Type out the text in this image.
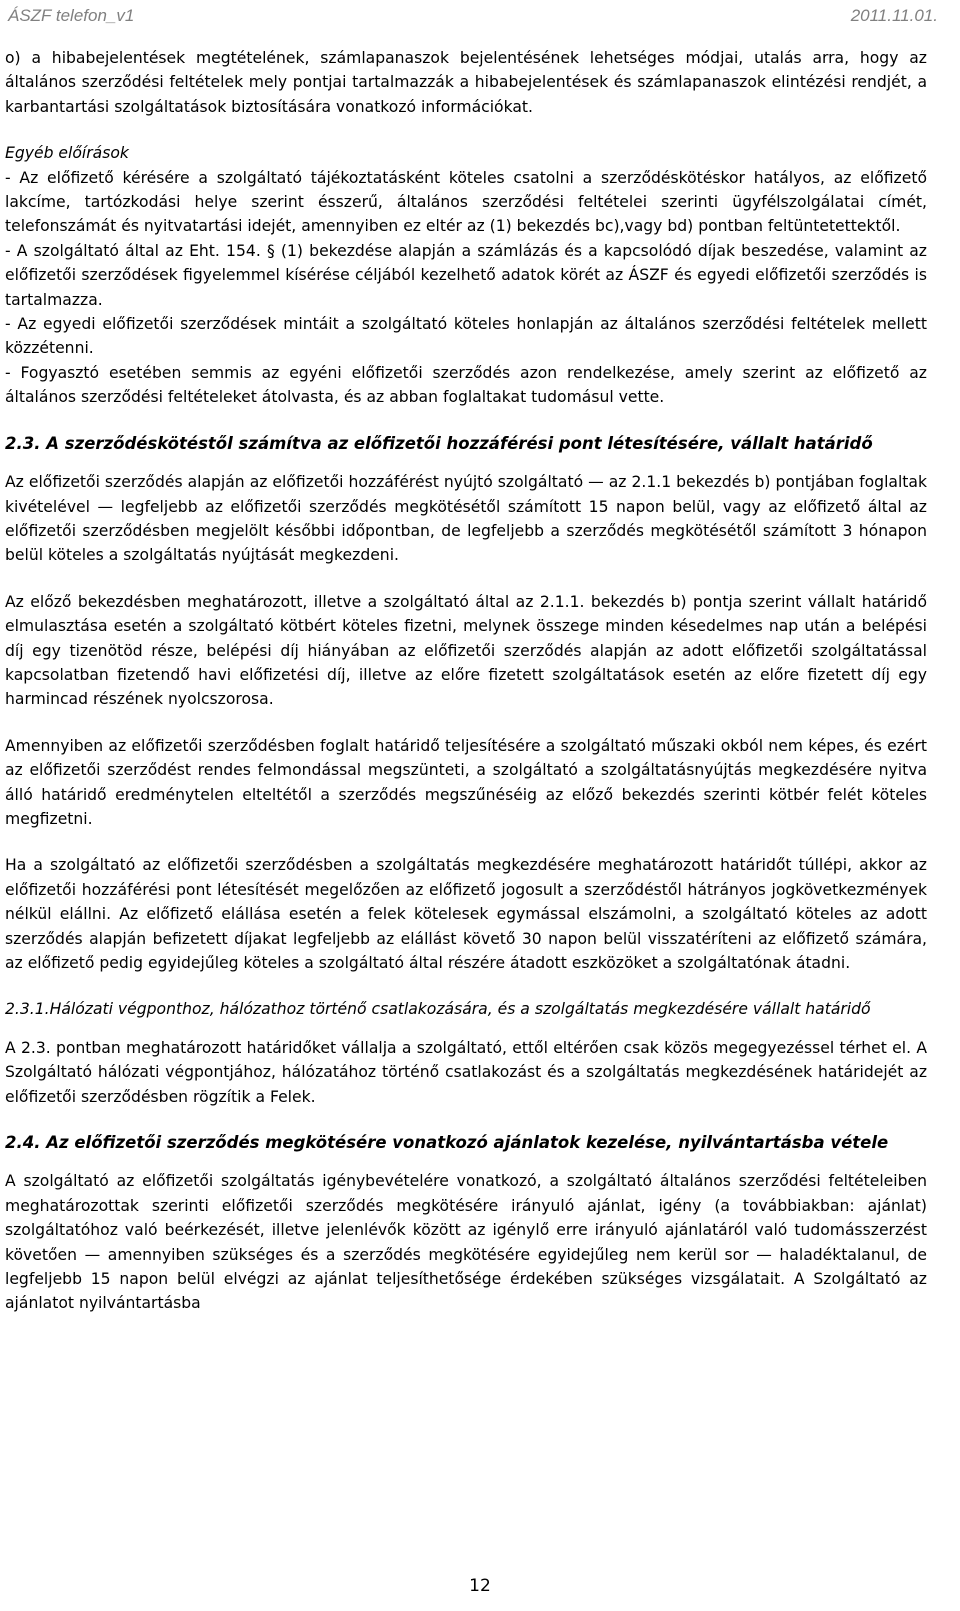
ÁSZF telefon_v1	2011.11.01.

o) a hibabejelentések megtételének, számlapanaszok bejelentésének lehetséges módjai, utalás arra, hogy az általános szerződési feltételek mely pontjai tartalmazzák a hibabejelentések és számlapanaszok elintézési rendjét, a karbantartási szolgáltatások biztosítására vonatkozó információkat.

Egyéb előírások

- Az előfizető kérésére a szolgáltató tájékoztatásként köteles csatolni a szerződéskötéskor hatályos, az előfizető lakcíme, tartózkodási helye szerint ésszerű, általános szerződési feltételei szerinti ügyfélszolgálatai címét, telefonszámát és nyitvatartási idejét, amennyiben ez eltér az (1) bekezdés bc),vagy bd) pontban feltüntetettektől.

- A szolgáltató által az Eht. 154. § (1) bekezdése alapján a számlázás és a kapcsolódó díjak beszedése, valamint az előfizetői szerződések figyelemmel kísérése céljából kezelhető adatok körét az ÁSZF és egyedi előfizetői szerződés is tartalmazza.

- Az egyedi előfizetői szerződések mintáit a szolgáltató köteles honlapján az általános szerződési feltételek mellett közzétenni.

- Fogyasztó esetében semmis az egyéni előfizetői szerződés azon rendelkezése, amely szerint az előfizető az általános szerződési feltételeket átolvasta, és az abban foglaltakat tudomásul vette.

2.3. A szerződéskötéstől számítva az előfizetői hozzáférési pont létesítésére, vállalt határidő

Az előfizetői szerződés alapján az előfizetői hozzáférést nyújtó szolgáltató — az 2.1.1 bekezdés b) pontjában foglaltak kivételével — legfeljebb az előfizetői szerződés megkötésétől számított 15 napon belül, vagy az előfizető által az előfizetői szerződésben megjelölt későbbi időpontban, de legfeljebb a szerződés megkötésétől számított 3 hónapon belül köteles a szolgáltatás nyújtását megkezdeni.

Az előző bekezdésben meghatározott, illetve a szolgáltató által az 2.1.1. bekezdés b) pontja szerint vállalt határidő elmulasztása esetén a szolgáltató kötbért köteles fizetni, melynek összege minden késedelmes nap után a belépési díj egy tizenötöd része, belépési díj hiányában az előfizetői szerződés alapján az adott előfizetői szolgáltatással kapcsolatban fizetendő havi előfizetési díj, illetve az előre fizetett szolgáltatások esetén az előre fizetett díj egy harmincad részének nyolcszorosa.

Amennyiben az előfizetői szerződésben foglalt határidő teljesítésére a szolgáltató műszaki okból nem képes, és ezért az előfizetői szerződést rendes felmondással megszünteti, a szolgáltató a szolgáltatásnyújtás megkezdésére nyitva álló határidő eredménytelen elteltétől a szerződés megszűnéséig az előző bekezdés szerinti kötbér felét köteles megfizetni.

Ha a szolgáltató az előfizetői szerződésben a szolgáltatás megkezdésére meghatározott határidőt túllépi, akkor az előfizetői hozzáférési pont létesítését megelőzően az előfizető jogosult a szerződéstől hátrányos jogkövetkezmények nélkül elállni. Az előfizető elállása esetén a felek kötelesek egymással elszámolni, a szolgáltató köteles az adott szerződés alapján befizetett díjakat legfeljebb az elállást követő 30 napon belül visszatéríteni az előfizető számára, az előfizető pedig egyidejűleg köteles a szolgáltató által részére átadott eszközöket a szolgáltatónak átadni.

2.3.1.Hálózati végponthoz, hálózathoz történő csatlakozására, és a szolgáltatás megkezdésére vállalt határidő

A 2.3. pontban meghatározott határidőket vállalja a szolgáltató, ettől eltérően csak közös megegyezéssel térhet el. A Szolgáltató hálózati végpontjához, hálózatához történő csatlakozást és a szolgáltatás megkezdésének határidejét az előfizetői szerződésben rögzítik a Felek.

2.4. Az előfizetői szerződés megkötésére vonatkozó ajánlatok kezelése, nyilvántartásba vétele

A szolgáltató az előfizetői szolgáltatás igénybevételére vonatkozó, a szolgáltató általános szerződési feltételeiben meghatározottak szerinti előfizetői szerződés megkötésére irányuló ajánlat, igény (a továbbiakban: ajánlat) szolgáltatóhoz való beérkezését, illetve jelenlévők között az igénylő erre irányuló ajánlatáról való tudomásszerzést követően — amennyiben szükséges és a szerződés megkötésére egyidejűleg nem kerül sor — haladéktalanul, de legfeljebb 15 napon belül elvégzi az ajánlat teljesíthetősége érdekében szükséges vizsgálatait. A Szolgáltató az ajánlatot nyilvántartásba

12
